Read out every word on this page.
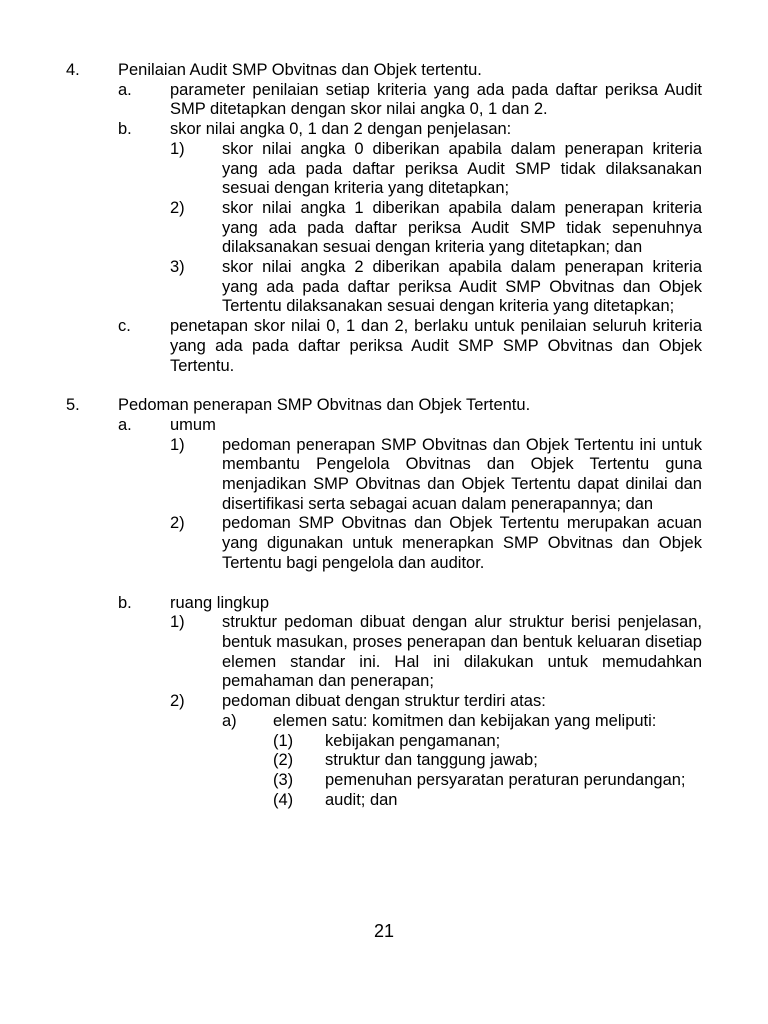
4. Penilaian Audit SMP Obvitnas dan Objek tertentu.
a. parameter penilaian setiap kriteria yang ada pada daftar periksa Audit SMP ditetapkan dengan skor nilai angka 0, 1 dan 2.
b. skor nilai angka 0, 1 dan 2 dengan penjelasan:
1) skor nilai angka 0 diberikan apabila dalam penerapan kriteria yang ada pada daftar periksa Audit SMP tidak dilaksanakan sesuai dengan kriteria yang ditetapkan;
2) skor nilai angka 1 diberikan apabila dalam penerapan kriteria yang ada pada daftar periksa Audit SMP tidak sepenuhnya dilaksanakan sesuai dengan kriteria yang ditetapkan; dan
3) skor nilai angka 2 diberikan apabila dalam penerapan kriteria yang ada pada daftar periksa Audit SMP Obvitnas dan Objek Tertentu dilaksanakan sesuai dengan kriteria yang ditetapkan;
c. penetapan skor nilai 0, 1 dan 2, berlaku untuk penilaian seluruh kriteria yang ada pada daftar periksa Audit SMP SMP Obvitnas dan Objek Tertentu.
5. Pedoman penerapan SMP Obvitnas dan Objek Tertentu.
a. umum
1) pedoman penerapan SMP Obvitnas dan Objek Tertentu ini untuk membantu Pengelola Obvitnas dan Objek Tertentu guna menjadikan SMP Obvitnas dan Objek Tertentu dapat dinilai dan disertifikasi serta sebagai acuan dalam penerapannya; dan
2) pedoman SMP Obvitnas dan Objek Tertentu merupakan acuan yang digunakan untuk menerapkan SMP Obvitnas dan Objek Tertentu bagi pengelola dan auditor.
b. ruang lingkup
1) struktur pedoman dibuat dengan alur struktur berisi penjelasan, bentuk masukan, proses penerapan dan bentuk keluaran disetiap elemen standar ini. Hal ini dilakukan untuk memudahkan pemahaman dan penerapan;
2) pedoman dibuat dengan struktur terdiri atas:
a) elemen satu: komitmen dan kebijakan yang meliputi:
(1) kebijakan pengamanan;
(2) struktur dan tanggung jawab;
(3) pemenuhan persyaratan peraturan perundangan;
(4) audit; dan
21
